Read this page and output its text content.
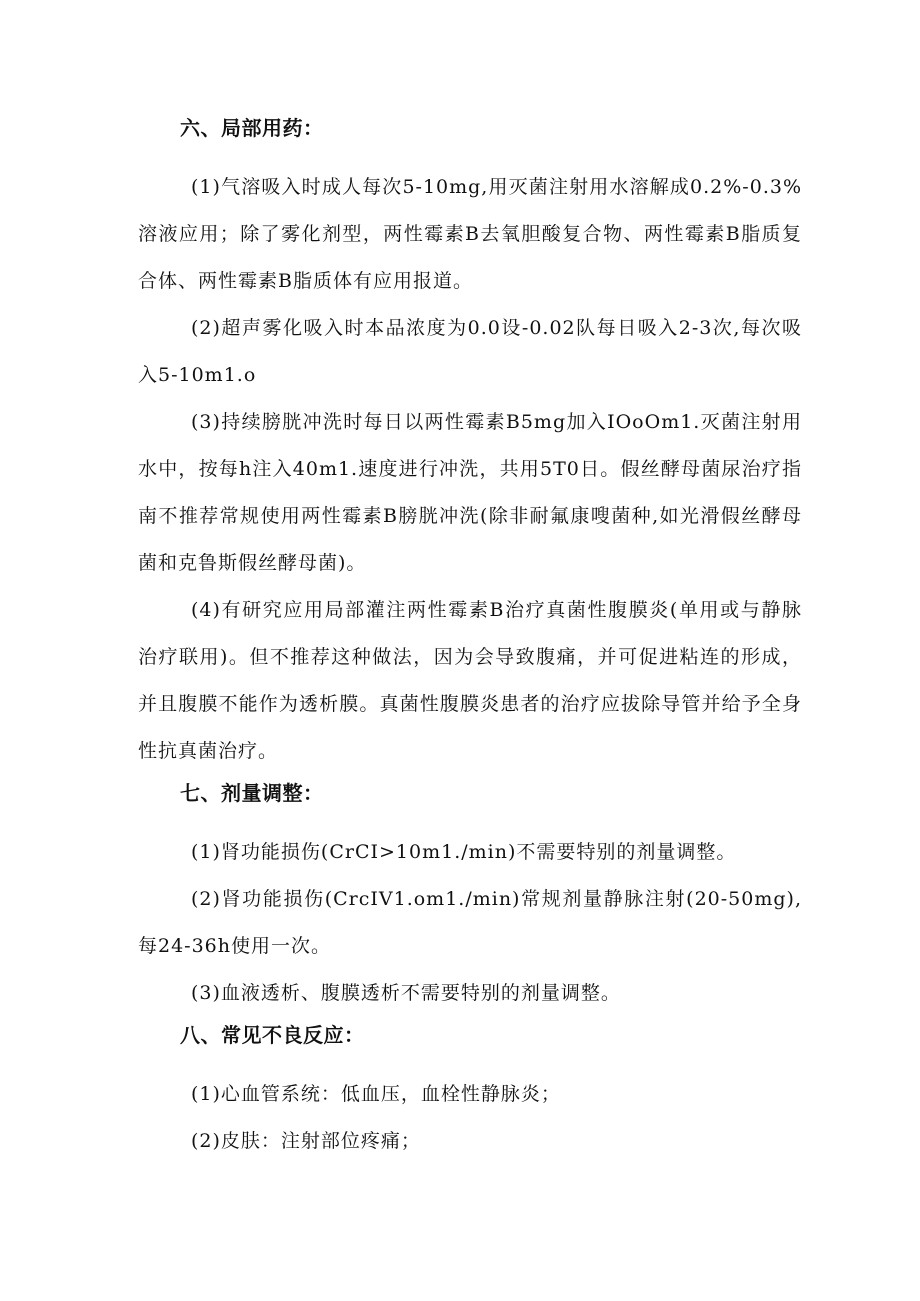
六、局部用药：

(1)气溶吸入时成人每次5-10mg,用灭菌注射用水溶解成0.2%-0.3%溶液应用；除了雾化剂型，两性霉素B去氧胆酸复合物、两性霉素B脂质复合体、两性霉素B脂质体有应用报道。

(2)超声雾化吸入时本品浓度为0.0设-0.02队每日吸入2-3次,每次吸入5-10m1.o

(3)持续膀胱冲洗时每日以两性霉素B5mg加入IOoOm1.灭菌注射用水中，按每h注入40m1.速度进行冲洗，共用5T0日。假丝酵母菌尿治疗指南不推荐常规使用两性霉素B膀胱冲洗(除非耐氟康嗖菌种,如光滑假丝酵母菌和克鲁斯假丝酵母菌)。

(4)有研究应用局部灌注两性霉素B治疗真菌性腹膜炎(单用或与静脉治疗联用)。但不推荐这种做法，因为会导致腹痛，并可促进粘连的形成，并且腹膜不能作为透析膜。真菌性腹膜炎患者的治疗应拔除导管并给予全身性抗真菌治疗。

七、剂量调整：

(1)肾功能损伤(CrCI>10m1./min)不需要特别的剂量调整。

(2)肾功能损伤(CrcIV1.om1./min)常规剂量静脉注射(20-50mg),每24-36h使用一次。

(3)血液透析、腹膜透析不需要特别的剂量调整。

八、常见不良反应：

(1)心血管系统：低血压，血栓性静脉炎；

(2)皮肤：注射部位疼痛；
